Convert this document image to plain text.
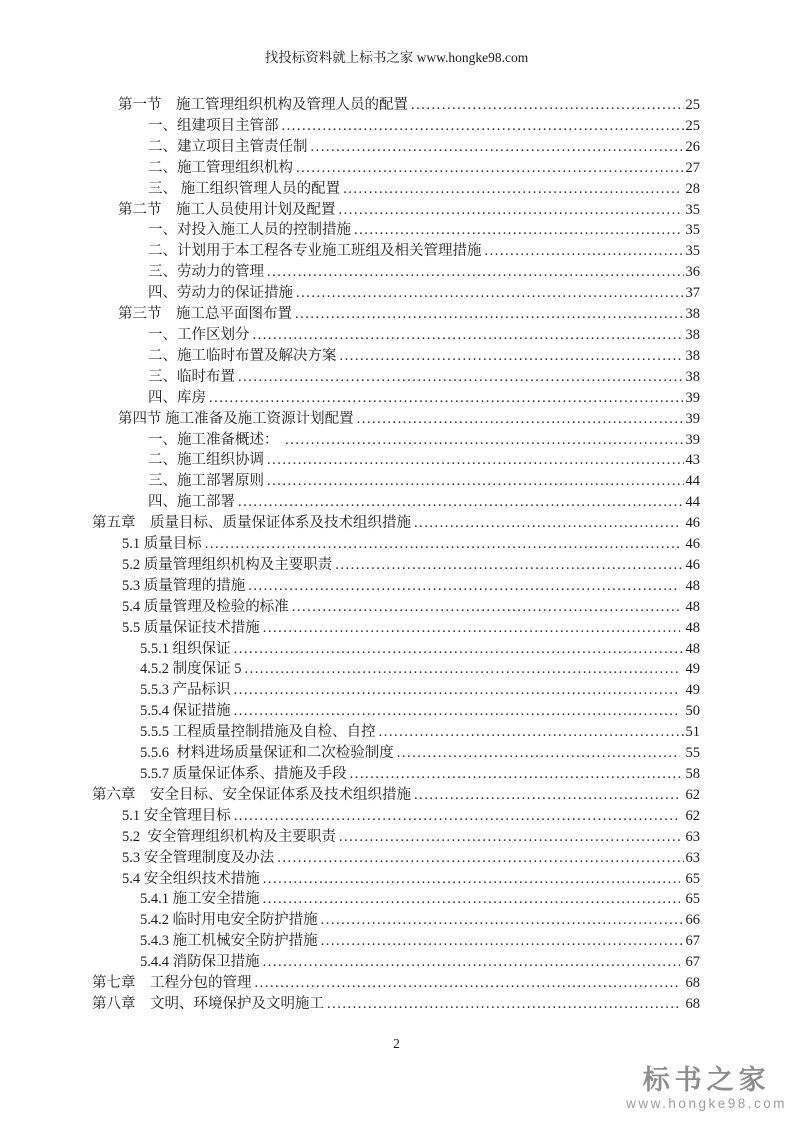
找投标资料就上标书之家 www.hongke98.com
第一节　施工管理组织机构及管理人员的配置 .....	25
一、组建项目主管部 .....	25
二、建立项目主管责任制 .....	26
二、施工管理组织机构 .....	27
三、 施工组织管理人员的配置 .....	28
第二节　施工人员使用计划及配置 .....	35
一、对投入施工人员的控制措施 .....	35
二、计划用于本工程各专业施工班组及相关管理措施 .....	35
三、劳动力的管理 .....	36
四、劳动力的保证措施 .....	37
第三节　施工总平面图布置 .....	38
一、工作区划分 .....	38
二、施工临时布置及解决方案 .....	38
三、临时布置 .....	38
四、库房 .....	39
第四节 施工准备及施工资源计划配置 .....	39
一、施工准备概述： .....	39
二、施工组织协调 .....	43
三、施工部署原则 .....	44
四、施工部署 .....	44
第五章　质量目标、质量保证体系及技术组织措施 .....	46
5.1 质量目标 .....	46
5.2 质量管理组织机构及主要职责 .....	46
5.3 质量管理的措施 .....	48
5.4 质量管理及检验的标准 .....	48
5.5 质量保证技术措施 .....	48
5.5.1 组织保证 .....	48
4.5.2 制度保证 5 .....	49
5.5.3 产品标识 .....	49
5.5.4 保证措施 .....	50
5.5.5 工程质量控制措施及自检、自控 .....	51
5.5.6  材料进场质量保证和二次检验制度 .....	55
5.5.7 质量保证体系、措施及手段 .....	58
第六章　安全目标、安全保证体系及技术组织措施 .....	62
5.1 安全管理目标 .....	62
5.2  安全管理组织机构及主要职责 .....	63
5.3 安全管理制度及办法 .....	63
5.4 安全组织技术措施 .....	65
5.4.1 施工安全措施 .....	65
5.4.2 临时用电安全防护措施 .....	66
5.4.3 施工机械安全防护措施 .....	67
5.4.4 消防保卫措施 .....	67
第七章　工程分包的管理 .....	68
第八章　文明、环境保护及文明施工 .....	68
2
标书之家
www.hongke98.com
